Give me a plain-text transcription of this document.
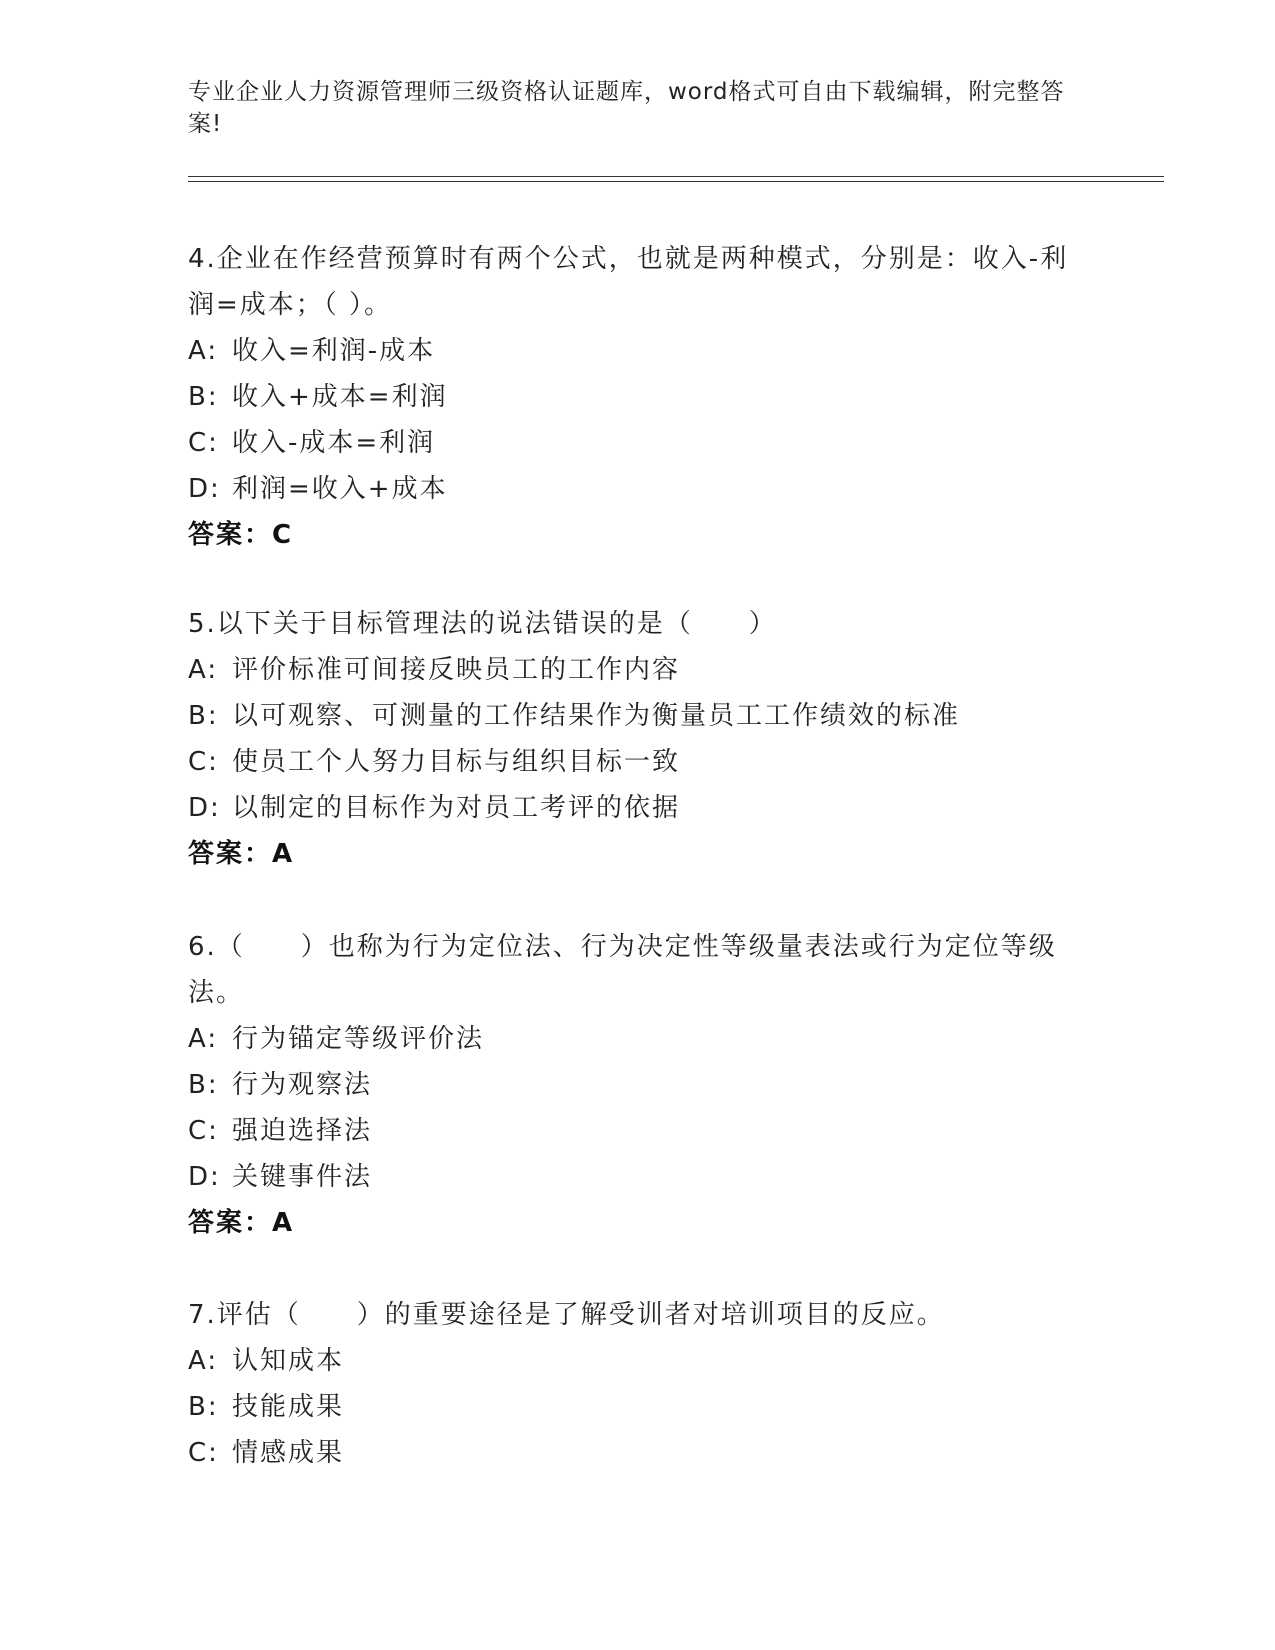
专业企业人力资源管理师三级资格认证题库，word格式可自由下载编辑，附完整答案!
4.企业在作经营预算时有两个公式，也就是两种模式，分别是：收入-利润=成本；（ ）。
A: 收入=利润-成本
B: 收入+成本=利润
C: 收入-成本=利润
D: 利润=收入+成本
答案：C
5.以下关于目标管理法的说法错误的是（　　）
A: 评价标准可间接反映员工的工作内容
B: 以可观察、可测量的工作结果作为衡量员工工作绩效的标准
C: 使员工个人努力目标与组织目标一致
D: 以制定的目标作为对员工考评的依据
答案：A
6.（　　）也称为行为定位法、行为决定性等级量表法或行为定位等级法。
A: 行为锚定等级评价法
B: 行为观察法
C: 强迫选择法
D: 关键事件法
答案：A
7.评估（　　）的重要途径是了解受训者对培训项目的反应。
A: 认知成本
B: 技能成果
C: 情感成果
